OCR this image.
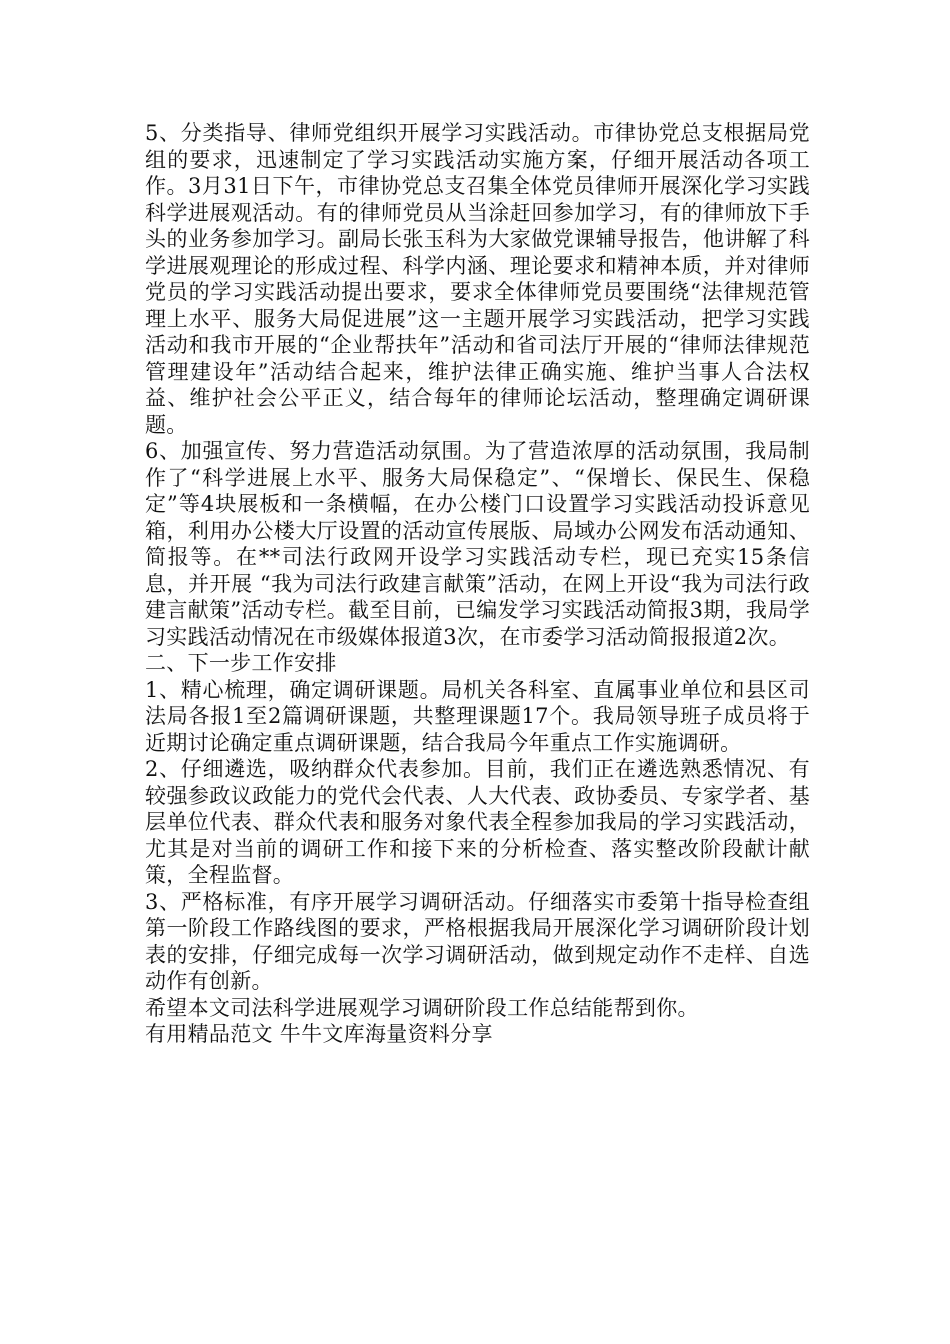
5、分类指导、律师党组织开展学习实践活动。市律协党总支根据局党组的要求，迅速制定了学习实践活动实施方案，仔细开展活动各项工作。3月31日下午，市律协党总支召集全体党员律师开展深化学习实践科学进展观活动。有的律师党员从当涂赶回参加学习，有的律师放下手头的业务参加学习。副局长张玉科为大家做党课辅导报告，他讲解了科学进展观理论的形成过程、科学内涵、理论要求和精神本质，并对律师党员的学习实践活动提出要求，要求全体律师党员要围绕“法律规范管理上水平、服务大局促进展”这一主题开展学习实践活动，把学习实践活动和我市开展的“企业帮扶年”活动和省司法厅开展的“律师法律规范管理建设年”活动结合起来，维护法律正确实施、维护当事人合法权益、维护社会公平正义，结合每年的律师论坛活动，整理确定调研课题。

6、加强宣传、努力营造活动氛围。为了营造浓厚的活动氛围，我局制作了“科学进展上水平、服务大局保稳定”、“保增长、保民生、保稳定”等4块展板和一条横幅，在办公楼门口设置学习实践活动投诉意见箱，利用办公楼大厅设置的活动宣传展版、局域办公网发布活动通知、简报等。在**司法行政网开设学习实践活动专栏，现已充实15条信息，并开展 “我为司法行政建言献策”活动，在网上开设“我为司法行政建言献策”活动专栏。截至目前，已编发学习实践活动简报3期，我局学习实践活动情况在市级媒体报道3次，在市委学习活动简报报道2次。

二、下一步工作安排

1、精心梳理，确定调研课题。局机关各科室、直属事业单位和县区司法局各报1至2篇调研课题，共整理课题17个。我局领导班子成员将于近期讨论确定重点调研课题，结合我局今年重点工作实施调研。

2、仔细遴选，吸纳群众代表参加。目前，我们正在遴选熟悉情况、有较强参政议政能力的党代会代表、人大代表、政协委员、专家学者、基层单位代表、群众代表和服务对象代表全程参加我局的学习实践活动，尤其是对当前的调研工作和接下来的分析检查、落实整改阶段献计献策，全程监督。

3、严格标准，有序开展学习调研活动。仔细落实市委第十指导检查组第一阶段工作路线图的要求，严格根据我局开展深化学习调研阶段计划表的安排，仔细完成每一次学习调研活动，做到规定动作不走样、自选动作有创新。

希望本文司法科学进展观学习调研阶段工作总结能帮到你。

有用精品范文 牛牛文库海量资料分享
